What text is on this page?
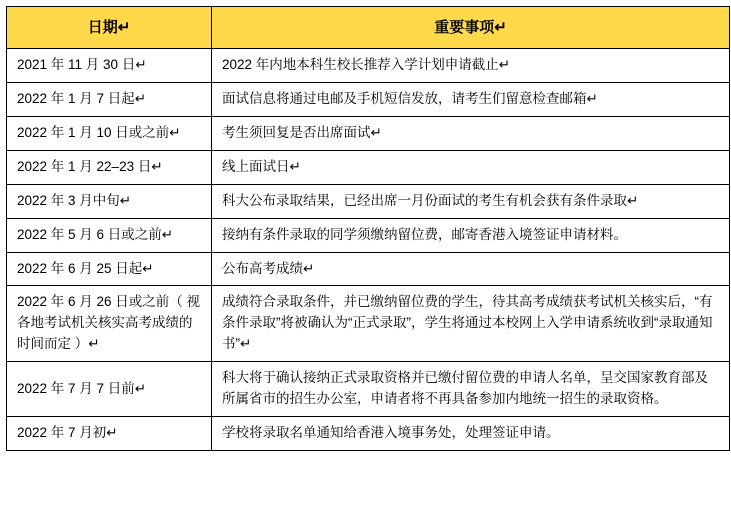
日期↵	重要事项↵
2021 年 11 月 30 日↵	2022 年内地本科生校长推荐入学计划申请截止↵
2022 年 1 月 7 日起↵	面试信息将通过电邮及手机短信发放，请考生们留意检查邮箱↵
2022 年 1 月 10 日或之前↵	考生须回复是否出席面试↵
2022 年 1 月 22–23 日↵	线上面试日↵
2022 年 3 月中旬↵	科大公布录取结果，已经出席一月份面试的考生有机会获有条件录取↵
2022 年 5 月 6 日或之前↵	接纳有条件录取的同学须缴纳留位费，邮寄香港入境签证申请材料。
2022 年 6 月 25 日起↵	公布高考成绩↵
2022 年 6 月 26 日或之前（ 视 各地考试机关核实高考成绩的时间而定 ）↵	成绩符合录取条件，并已缴纳留位费的学生，待其高考成绩获考试机关核实后，“有条件录取”将被确认为“正式录取”，学生将通过本校网上入学申请系统收到“录取通知书”↵
2022 年 7 月 7 日前↵	科大将于确认接纳正式录取资格并已缴付留位费的申请人名单，呈交国家教育部及所属省市的招生办公室，申请者将不再具备参加内地统一招生的录取资格。
2022 年 7 月初↵	学校将录取名单通知给香港入境事务处，处理签证申请。
